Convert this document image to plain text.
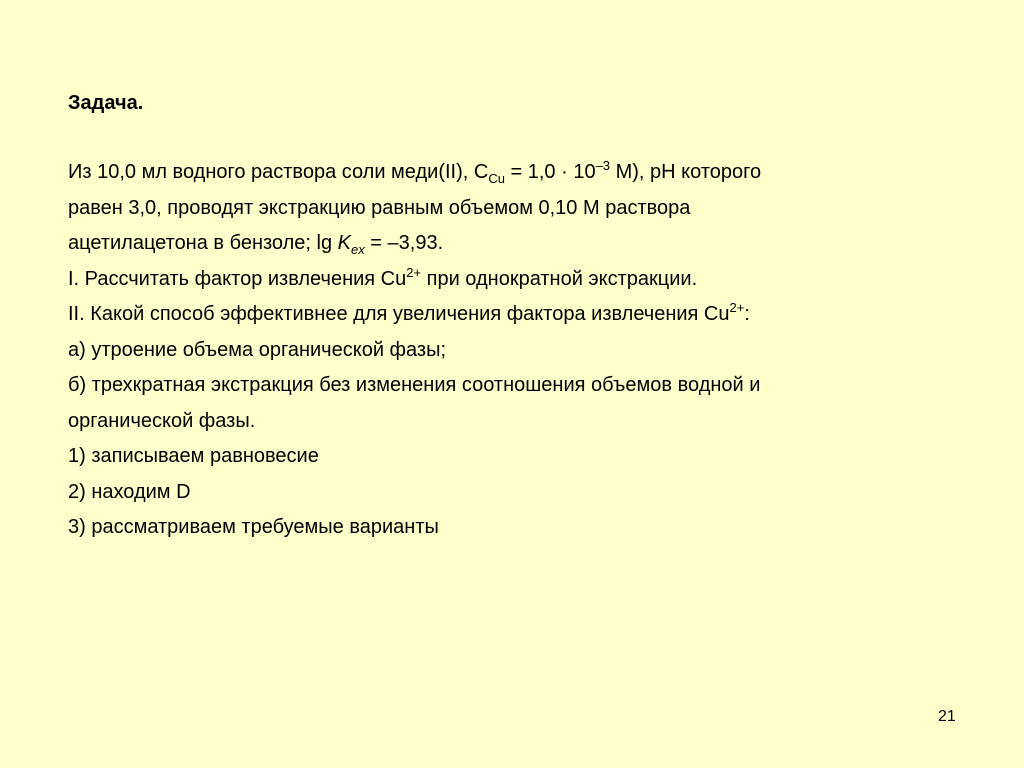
Задача.
Из 10,0 мл водного раствора соли меди(II), $С_{Cu} = 1,0 \cdot 10^{-3}$ M), pH которого
равен 3,0, проводят экстракцию равным объемом 0,10 М раствора
ацетилацетона в бензоле; $\lg K_{ex} = -3,93$.
I. Рассчитать фактор извлечения $Cu^{2+}$ при однократной экстракции.
II. Какой способ эффективнее для увеличения фактора извлечения $Cu^{2+}$:
а) утроение объема органической фазы;
б) трехкратная экстракция без изменения соотношения объемов водной и
органической фазы.
1) записываем равновесие
2) находим D
3) рассматриваем требуемые варианты
21
